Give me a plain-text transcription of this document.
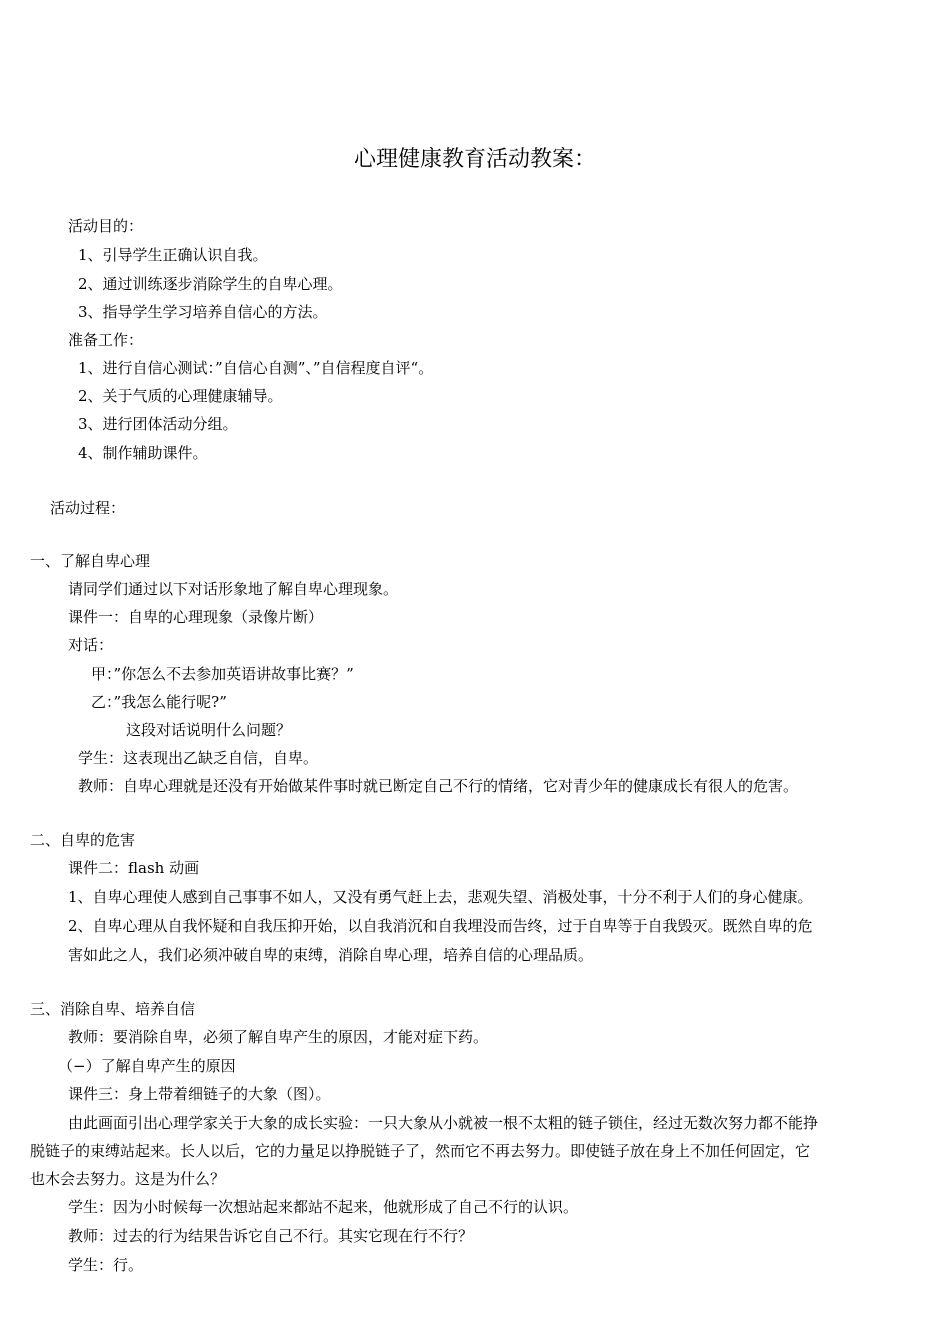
心理健康教育活动教案：
活动目的：
1、引导学生正确认识自我。
2、通过训练逐步消除学生的自卑心理。
3、指导学生学习培养自信心的方法。
准备工作：
1、进行自信心测试：”自信心自测”、”自信程度自评“。
2、关于气质的心理健康辅导。
3、进行团体活动分组。
4、制作辅助课件。
活动过程：
一、了解自卑心理
请同学们通过以下对话形象地了解自卑心理现象。
课件一：自卑的心理现象（录像片断）
对话：
甲：”你怎么不去参加英语讲故事比赛？”
乙：”我怎么能行呢?”
这段对话说明什么问题？
学生：这表现出乙缺乏自信，自卑。
教师：自卑心理就是还没有开始做某件事时就已断定自己不行的情绪，它对青少年的健康成长有很人的危害。
二、自卑的危害
课件二：flash 动画
1、自卑心理使人感到自己事事不如人，又没有勇气赶上去，悲观失望、消极处事，十分不利于人们的身心健康。
2、自卑心理从自我怀疑和自我压抑开始，以自我消沉和自我埋没而告终，过于自卑等于自我毁灭。既然自卑的危
害如此之人，我们必须冲破自卑的束缚，消除自卑心理，培养自信的心理品质。
三、消除自卑、培养自信
教师：要消除自卑，必须了解自卑产生的原因，才能对症下药。
（−）了解自卑产生的原因
课件三：身上带着细链子的大象（图）。
由此画面引出心理学家关于大象的成长实验：一只大象从小就被一根不太粗的链子锁住，经过无数次努力都不能挣
脱链子的束缚站起来。长人以后，它的力量足以挣脱链子了，然而它不再去努力。即使链子放在身上不加任何固定，它
也木会去努力。这是为什么？
学生：因为小时候每一次想站起来都站不起来，他就形成了自己不行的认识。
教师：过去的行为结果告诉它自己不行。其实它现在行不行？
学生：行。
